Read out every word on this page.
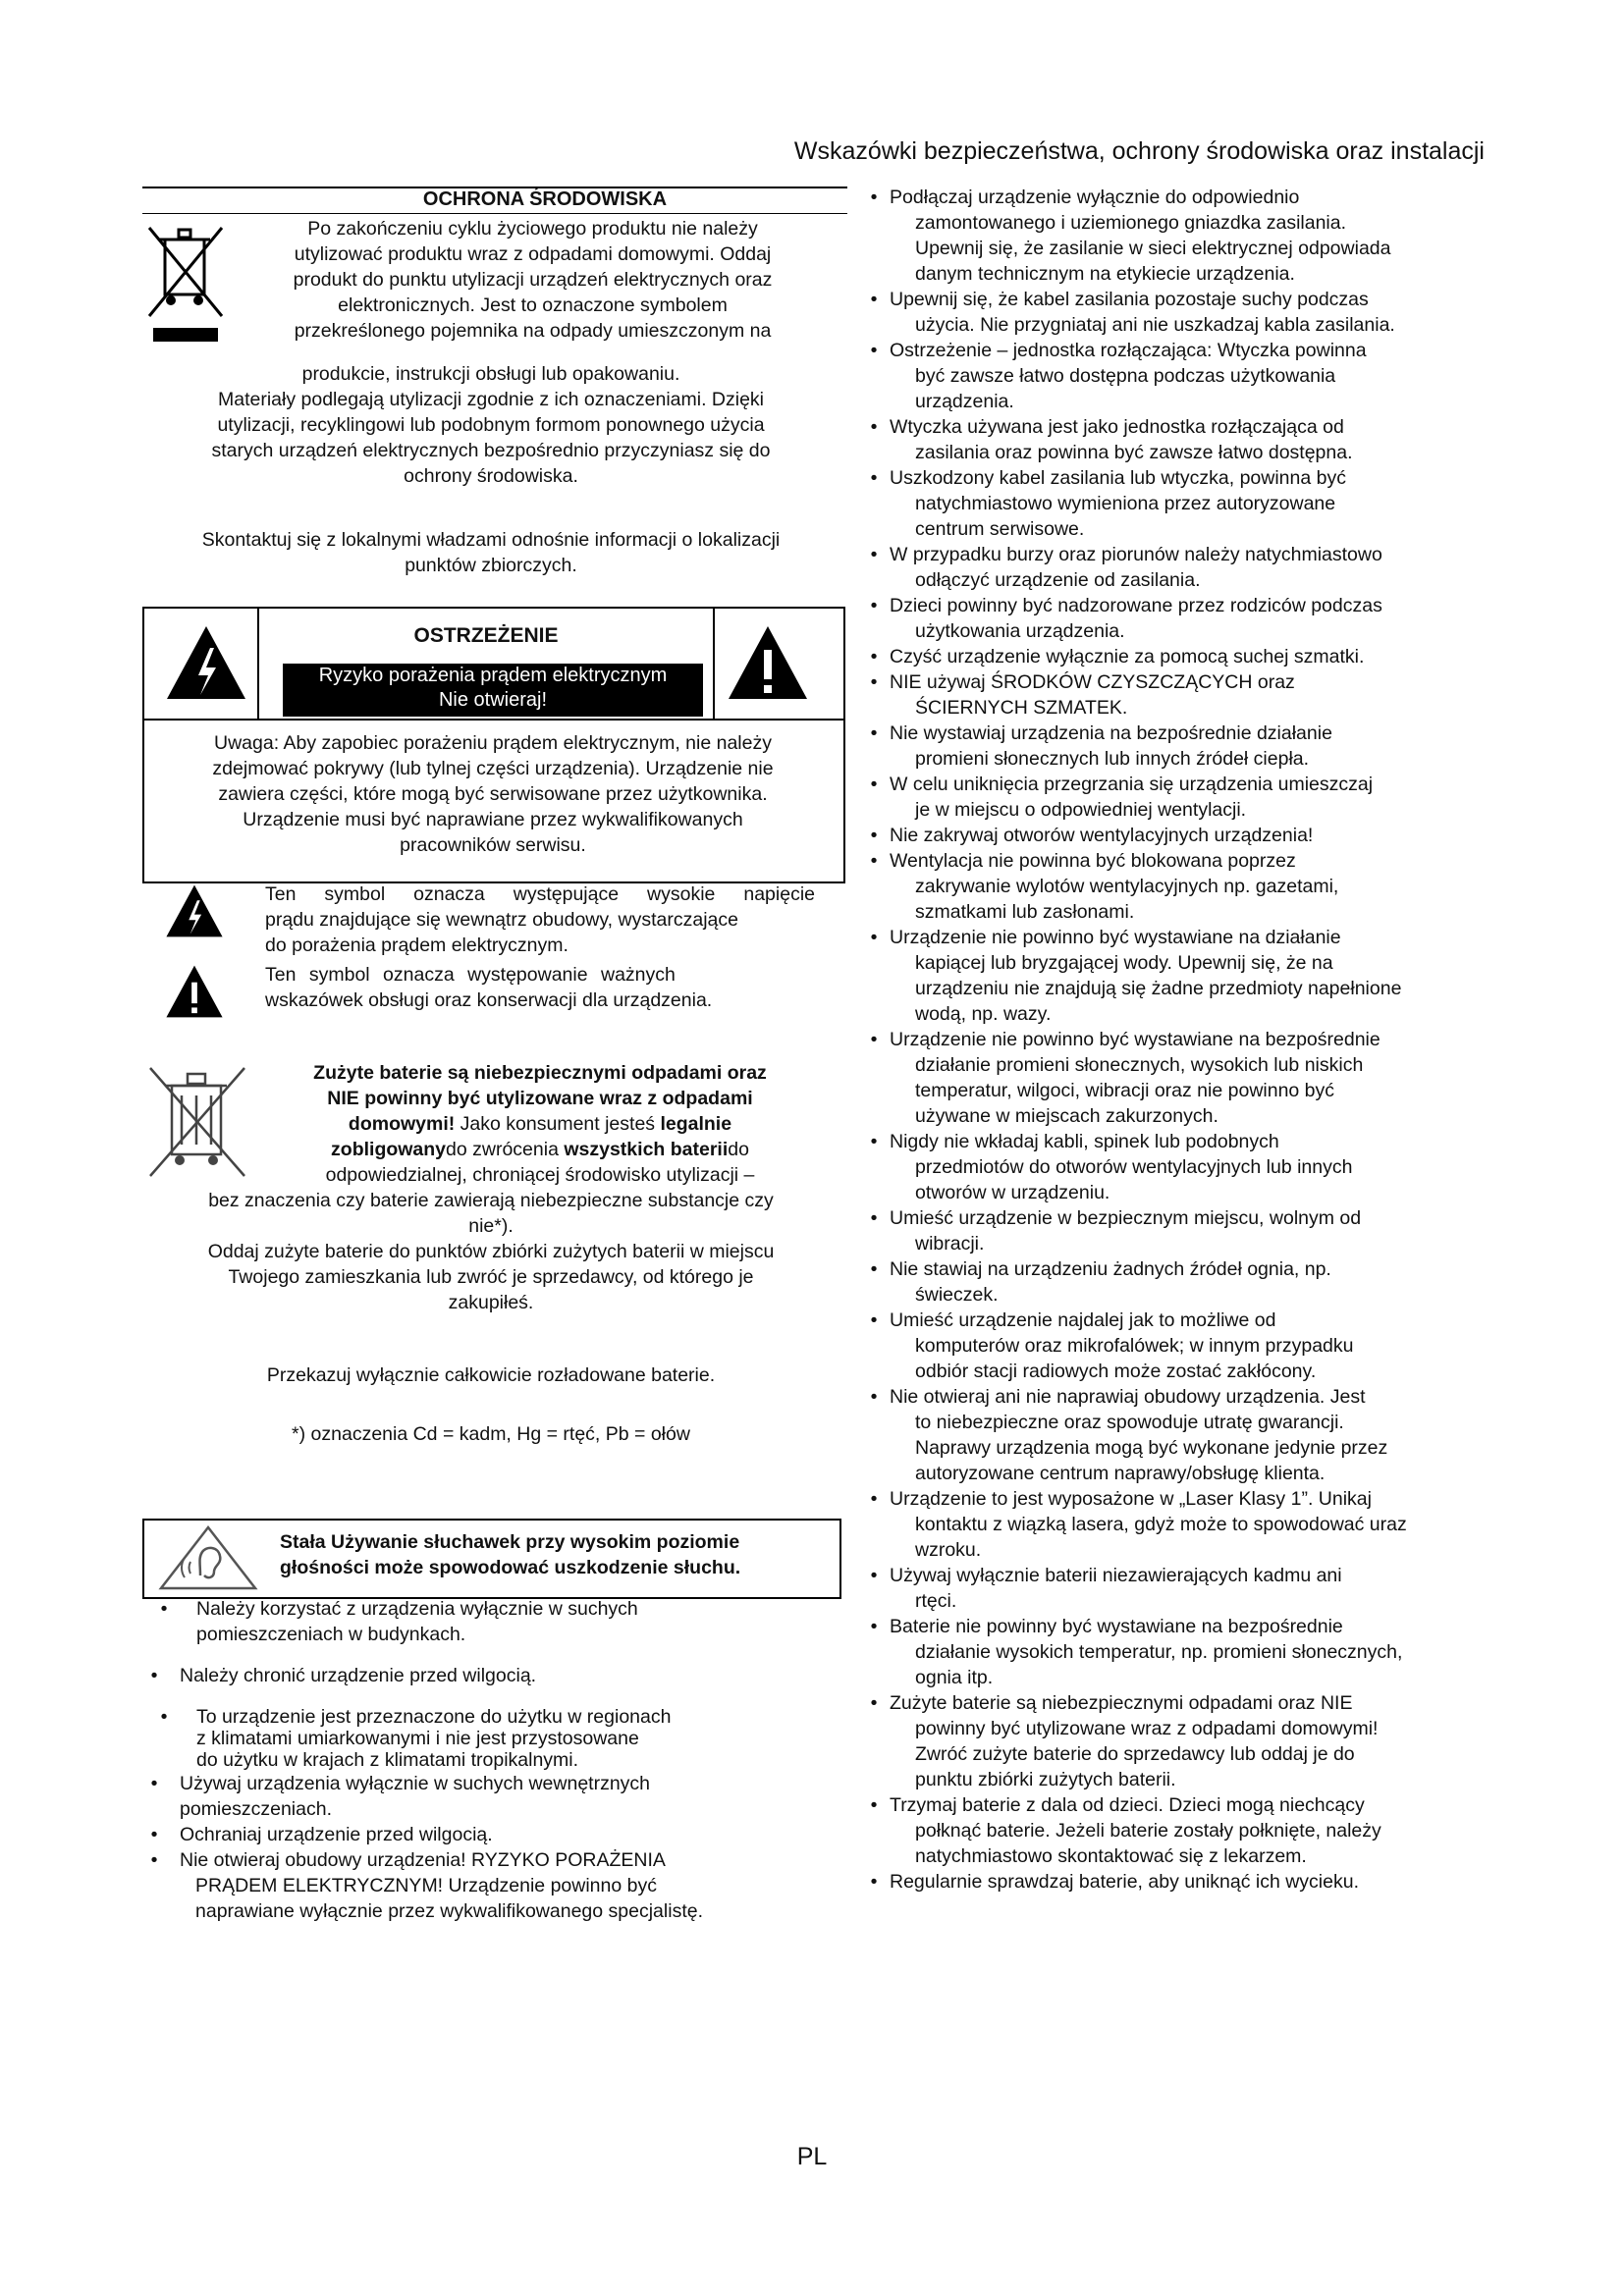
Wskazówki bezpieczeństwa, ochrony środowiska oraz instalacji
OCHRONA ŚRODOWISKA
Po zakończeniu cyklu życiowego produktu nie należy
utylizować produktu wraz z odpadami domowymi. Oddaj
produkt do punktu utylizacji urządzeń elektrycznych oraz
elektronicznych. Jest to oznaczone symbolem
przekreślonego pojemnika na odpady umieszczonym na
produkcie, instrukcji obsługi lub opakowaniu.
Materiały podlegają utylizacji zgodnie z ich oznaczeniami. Dzięki
utylizacji, recyklingowi lub podobnym formom ponownego użycia
starych urządzeń elektrycznych bezpośrednio przyczyniasz się do
ochrony środowiska.
Skontaktuj się z lokalnymi władzami odnośnie informacji o lokalizacji
punktów zbiorczych.
OSTRZEŻENIE
Ryzyko porażenia prądem elektrycznym
Nie otwieraj!
Uwaga: Aby zapobiec porażeniu prądem elektrycznym, nie należy
zdejmować pokrywy (lub tylnej części urządzenia). Urządzenie nie
zawiera części, które mogą być serwisowane przez użytkownika.
Urządzenie musi być naprawiane przez wykwalifikowanych
pracowników serwisu.
Ten symbol oznacza występujące wysokie napięcie
prądu znajdujące się wewnątrz obudowy, wystarczające
do porażenia prądem elektrycznym.
Ten symbol oznacza występowanie ważnych
wskazówek obsługi oraz konserwacji dla urządzenia.
Zużyte baterie są niebezpiecznymi odpadami oraz
NIE powinny być utylizowane wraz z odpadami
domowymi! Jako konsument jesteś legalnie
zobligowanydo zwrócenia wszystkich bateriido
odpowiedzialnej, chroniącej środowisko utylizacji –
bez znaczenia czy baterie zawierają niebezpieczne substancje czy
nie*).
Oddaj zużyte baterie do punktów zbiórki zużytych baterii w miejscu
Twojego zamieszkania lub zwróć je sprzedawcy, od którego je
zakupiłeś.
Przekazuj wyłącznie całkowicie rozładowane baterie.
*) oznaczenia Cd = kadm, Hg = rtęć, Pb = ołów
Stała Używanie słuchawek przy wysokim poziomie
głośności może spowodować uszkodzenie słuchu.
•	Należy korzystać z urządzenia wyłącznie w suchych
pomieszczeniach w budynkach.
•	Należy chronić urządzenie przed wilgocią.
•	To urządzenie jest przeznaczone do użytku w regionach
z klimatami umiarkowanymi i nie jest przystosowane
do użytku w krajach z klimatami tropikalnymi.
•	Używaj urządzenia wyłącznie w suchych wewnętrznych
pomieszczeniach.
•	Ochraniaj urządzenie przed wilgocią.
•	Nie otwieraj obudowy urządzenia! RYZYKO PORAŻENIA
PRĄDEM ELEKTRYCZNYM! Urządzenie powinno być
naprawiane wyłącznie przez wykwalifikowanego specjalistę.
• Podłączaj urządzenie wyłącznie do odpowiednio
zamontowanego i uziemionego gniazdka zasilania.
Upewnij się, że zasilanie w sieci elektrycznej odpowiada
danym technicznym na etykiecie urządzenia.
• Upewnij się, że kabel zasilania pozostaje suchy podczas
użycia. Nie przygniataj ani nie uszkadzaj kabla zasilania.
• Ostrzeżenie – jednostka rozłączająca: Wtyczka powinna
być zawsze łatwo dostępna podczas użytkowania
urządzenia.
• Wtyczka używana jest jako jednostka rozłączająca od
zasilania oraz powinna być zawsze łatwo dostępna.
• Uszkodzony kabel zasilania lub wtyczka, powinna być
natychmiastowo wymieniona przez autoryzowane
centrum serwisowe.
• W przypadku burzy oraz piorunów należy natychmiastowo
odłączyć urządzenie od zasilania.
• Dzieci powinny być nadzorowane przez rodziców podczas
użytkowania urządzenia.
• Czyść urządzenie wyłącznie za pomocą suchej szmatki.
• NIE używaj ŚRODKÓW CZYSZCZĄCYCH oraz
ŚCIERNYCH SZMATEK.
• Nie wystawiaj urządzenia na bezpośrednie działanie
promieni słonecznych lub innych źródeł ciepła.
• W celu uniknięcia przegrzania się urządzenia umieszczaj
je w miejscu o odpowiedniej wentylacji.
• Nie zakrywaj otworów wentylacyjnych urządzenia!
• Wentylacja nie powinna być blokowana poprzez
zakrywanie wylotów wentylacyjnych np. gazetami,
szmatkami lub zasłonami.
• Urządzenie nie powinno być wystawiane na działanie
kapiącej lub bryzgającej wody. Upewnij się, że na
urządzeniu nie znajdują się żadne przedmioty napełnione
wodą, np. wazy.
• Urządzenie nie powinno być wystawiane na bezpośrednie
działanie promieni słonecznych, wysokich lub niskich
temperatur, wilgoci, wibracji oraz nie powinno być
używane w miejscach zakurzonych.
• Nigdy nie wkładaj kabli, spinek lub podobnych
przedmiotów do otworów wentylacyjnych lub innych
otworów w urządzeniu.
• Umieść urządzenie w bezpiecznym miejscu, wolnym od
wibracji.
• Nie stawiaj na urządzeniu żadnych źródeł ognia, np.
świeczek.
• Umieść urządzenie najdalej jak to możliwe od
komputerów oraz mikrofalówek; w innym przypadku
odbiór stacji radiowych może zostać zakłócony.
• Nie otwieraj ani nie naprawiaj obudowy urządzenia. Jest
to niebezpieczne oraz spowoduje utratę gwarancji.
Naprawy urządzenia mogą być wykonane jedynie przez
autoryzowane centrum naprawy/obsługę klienta.
• Urządzenie to jest wyposażone w „Laser Klasy 1”. Unikaj
kontaktu z wiązką lasera, gdyż może to spowodować uraz
wzroku.
• Używaj wyłącznie baterii niezawierających kadmu ani
rtęci.
• Baterie nie powinny być wystawiane na bezpośrednie
działanie wysokich temperatur, np. promieni słonecznych,
ognia itp.
• Zużyte baterie są niebezpiecznymi odpadami oraz NIE
powinny być utylizowane wraz z odpadami domowymi!
Zwróć zużyte baterie do sprzedawcy lub oddaj je do
punktu zbiórki zużytych baterii.
• Trzymaj baterie z dala od dzieci. Dzieci mogą niechcący
połknąć baterie. Jeżeli baterie zostały połknięte, należy
natychmiastowo skontaktować się z lekarzem.
• Regularnie sprawdzaj baterie, aby uniknąć ich wycieku.
PL
